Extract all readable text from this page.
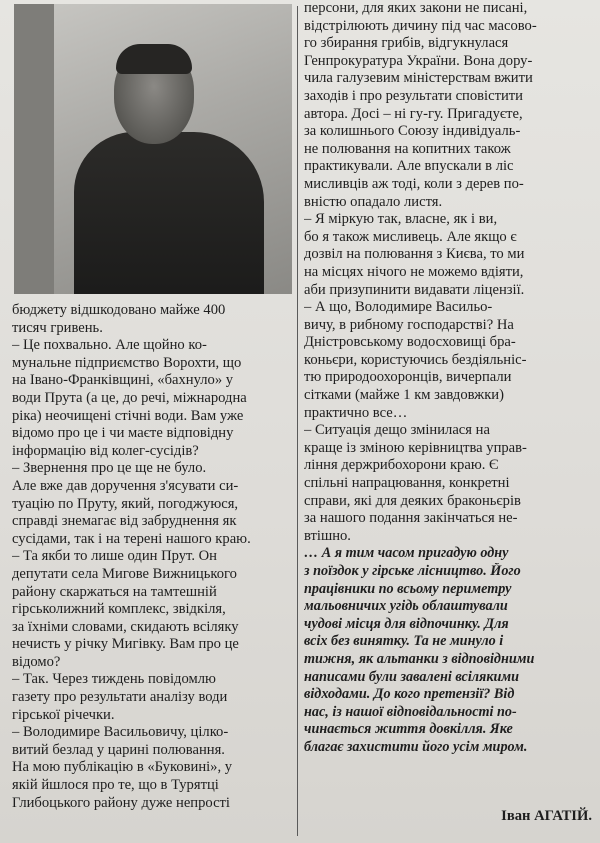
бюджету відшкодовано майже 400
тисяч гривень.
– Це похвально. Але щойно ко-
мунальне підприємство Ворохти, що
на Івано-Франківщині, «бахнуло» у
води Прута (а це, до речі, міжнародна
ріка) неочищені стічні води. Вам уже
відомо про це і чи маєте відповідну
інформацію від колег-сусідів?
– Звернення про це ще не було.
Але вже дав доручення з'ясувати си-
туацію по Пруту, який, погоджуюся,
справді знемагає від забруднення як
сусідами, так і на терені нашого краю.
– Та якби то лише один Прут. Он
депутати села Мигове Вижницького
району скаржаться на тамтешній
гірськолижний комплекс, звідкіля,
за їхніми словами, скидають всіляку
нечисть у річку Мигівку. Вам про це
відомо?
– Так. Через тиждень повідомлю
газету про результати аналізу води
гірської річечки.
– Володимире Васильовичу, цілко-
витий безлад у царині полювання.
На мою публікацію в «Буковині», у
якій йшлося про те, що в Турятці
Глибоцького району дуже непрості
персони, для яких закони не писані,
відстрілюють дичину під час масово-
го збирання грибів, відгукнулася
Генпрокуратура України. Вона дору-
чила галузевим міністерствам вжити
заходів і про результати сповістити
автора. Досі – ні гу-гу. Пригадуєте,
за колишнього Союзу індивідуаль-
не полювання на копитних також
практикували. Але впускали в ліс
мисливців аж тоді, коли з дерев по-
вністю опадало листя.
– Я міркую так, власне, як і ви,
бо я також мисливець. Але якщо є
дозвіл на полювання з Києва, то ми
на місцях нічого не можемо вдіяти,
аби призупинити видавати ліцензії.
– А що, Володимире Васильо-
вичу, в рибному господарстві? На
Дністровському водосховищі бра-
коньєри, користуючись бездіяльніс-
тю природоохоронців, вичерпали
сітками (майже 1 км завдовжки)
практично все…
– Ситуація дещо змінилася на
краще із зміною керівництва управ-
ління держрибохорони краю. Є
спільні напрацювання, конкретні
справи, які для деяких браконьєрів
за нашого подання закінчаться не-
втішно.
… А я тим часом пригадую одну
з поїздок у гірське лісництво. Його
працівники по всьому периметру
мальовничих угідь облаштували
чудові місця для відпочинку. Для
всіх без винятку. Та не минуло і
тижня, як альтанки з відповідними
написами були завалені всілякими
відходами. До кого претензії? Від
нас, із нашої відповідальності по-
чинається життя довкілля. Яке
благає захистити його усім миром.
Іван АГАТІЙ.
